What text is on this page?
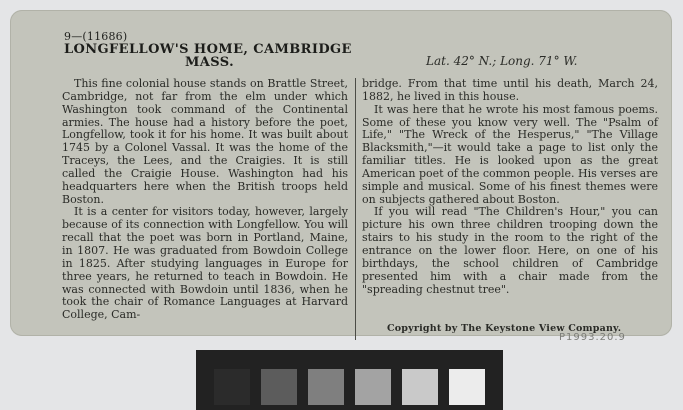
9—(11686)
LONGFELLOW'S HOME, CAMBRIDGE
MASS.	Lat. 42° N.; Long. 71° W.

This fine colonial house stands on Brattle Street, Cambridge, not far from the elm under which Washington took command of the Continental armies. The house had a history before the poet, Longfellow, took it for his home. It was built about 1745 by a Colonel Vassal. It was the home of the Traceys, the Lees, and the Craigies. It is still called the Craigie House. Washington had his headquarters here when the British troops held Boston.

It is a center for visitors today, however, largely because of its connection with Longfellow. You will recall that the poet was born in Portland, Maine, in 1807. He was graduated from Bowdoin College in 1825. After studying languages in Europe for three years, he returned to teach in Bowdoin. He was connected with Bowdoin until 1836, when he took the chair of Romance Languages at Harvard College, Cam-

bridge. From that time until his death, March 24, 1882, he lived in this house.

It was here that he wrote his most famous poems. Some of these you know very well. The "Psalm of Life," "The Wreck of the Hesperus," "The Village Blacksmith,"—it would take a page to list only the familiar titles. He is looked upon as the great American poet of the common people. His verses are simple and musical. Some of his finest themes were on subjects gathered about Boston.

If you will read "The Children's Hour," you can picture his own three children trooping down the stairs to his study in the room to the right of the entrance on the lower floor. Here, on one of his birthdays, the school children of Cambridge presented him with a chair made from the "spreading chestnut tree".

Copyright by The Keystone View Company.
P1993.20.9
